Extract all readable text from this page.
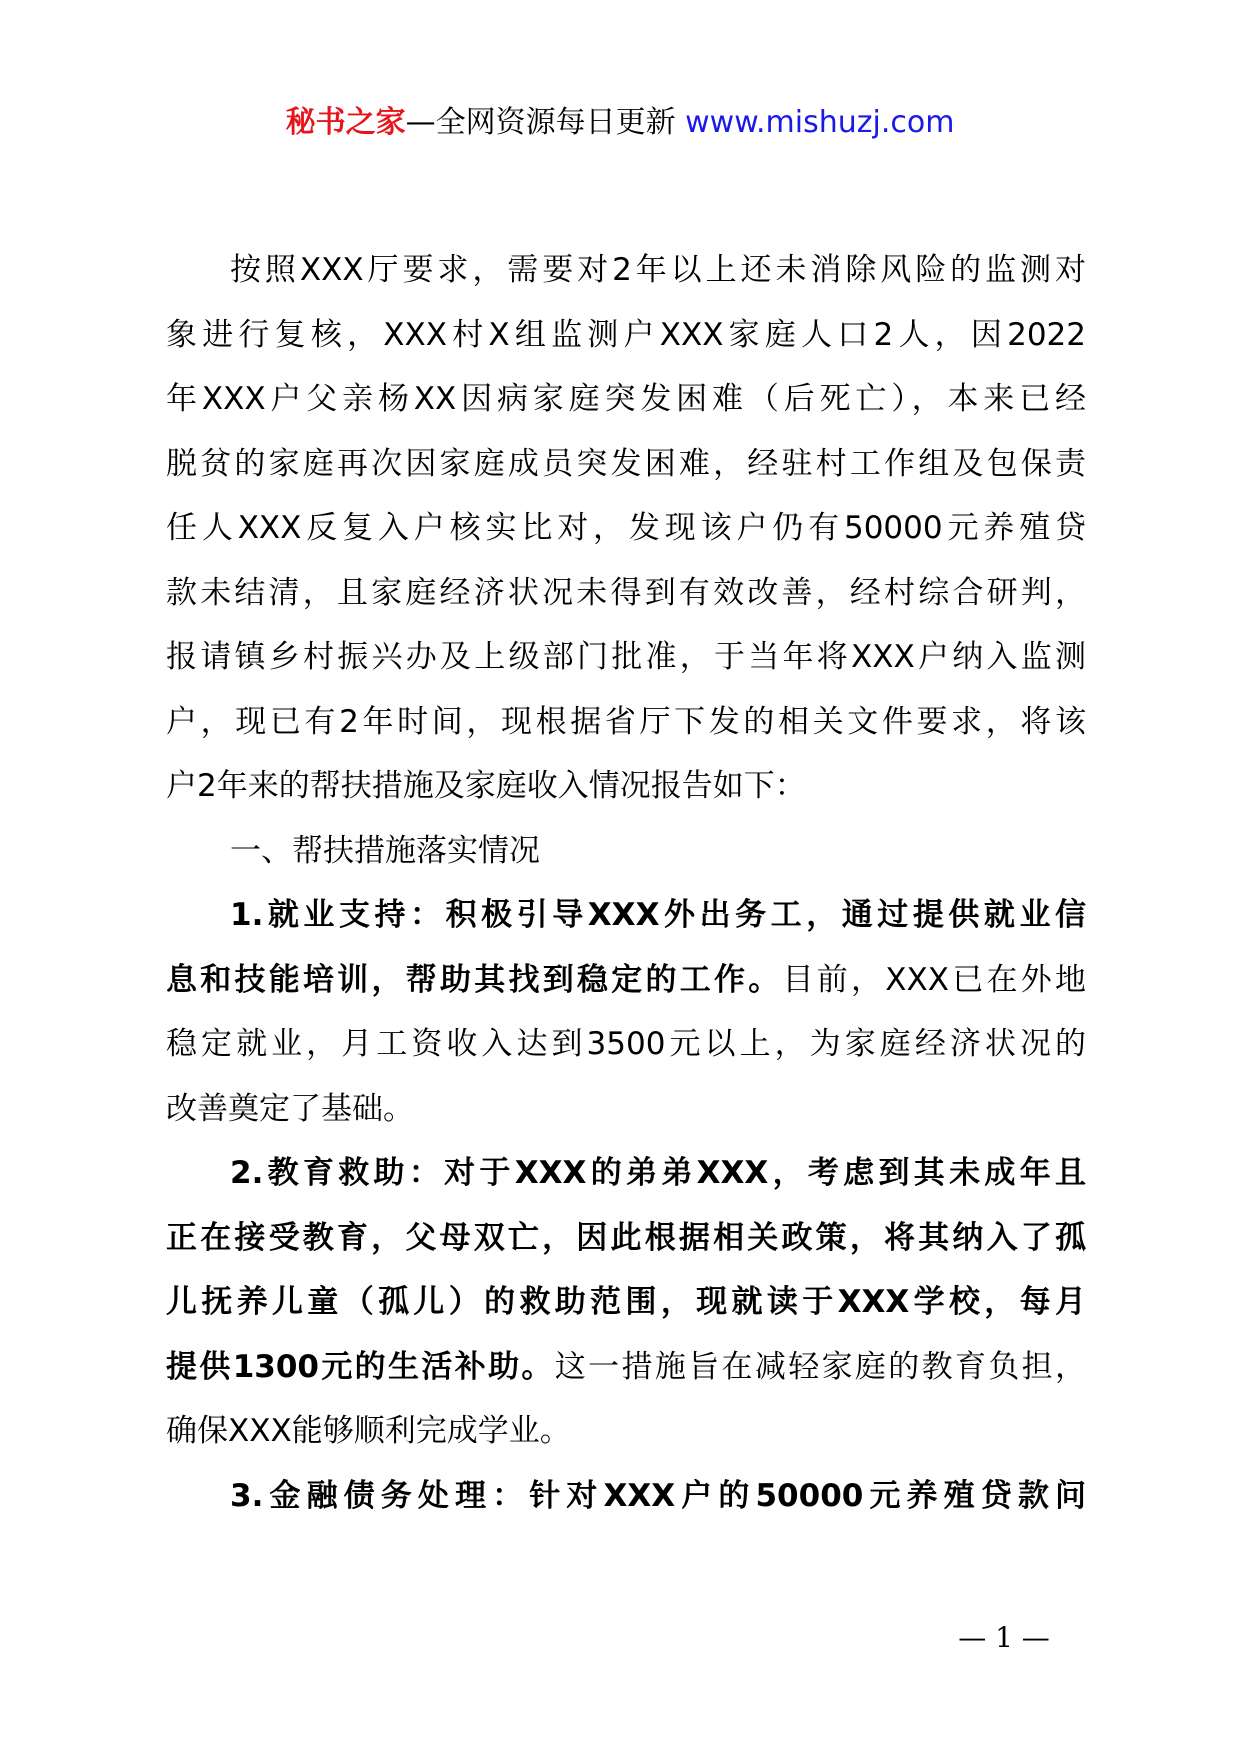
秘书之家—全网资源每日更新 www.mishuzj.com
按照XXX厅要求，需要对2年以上还未消除风险的监测对
象进行复核，XXX村X组监测户XXX家庭人口2人，因2022
年XXX户父亲杨XX因病家庭突发困难（后死亡），本来已经
脱贫的家庭再次因家庭成员突发困难，经驻村工作组及包保责
任人XXX反复入户核实比对，发现该户仍有50000元养殖贷
款未结清，且家庭经济状况未得到有效改善，经村综合研判，
报请镇乡村振兴办及上级部门批准，于当年将XXX户纳入监测
户，现已有2年时间，现根据省厅下发的相关文件要求，将该
户2年来的帮扶措施及家庭收入情况报告如下：
一、帮扶措施落实情况
1.就业支持：积极引导XXX外出务工，通过提供就业信
息和技能培训，帮助其找到稳定的工作。目前，XXX已在外地
稳定就业，月工资收入达到3500元以上，为家庭经济状况的
改善奠定了基础。
2.教育救助：对于XXX的弟弟XXX，考虑到其未成年且
正在接受教育，父母双亡，因此根据相关政策，将其纳入了孤
儿抚养儿童（孤儿）的救助范围，现就读于XXX学校，每月
提供1300元的生活补助。这一措施旨在减轻家庭的教育负担，
确保XXX能够顺利完成学业。
3.金融债务处理：针对XXX户的50000元养殖贷款问
— 1 —
